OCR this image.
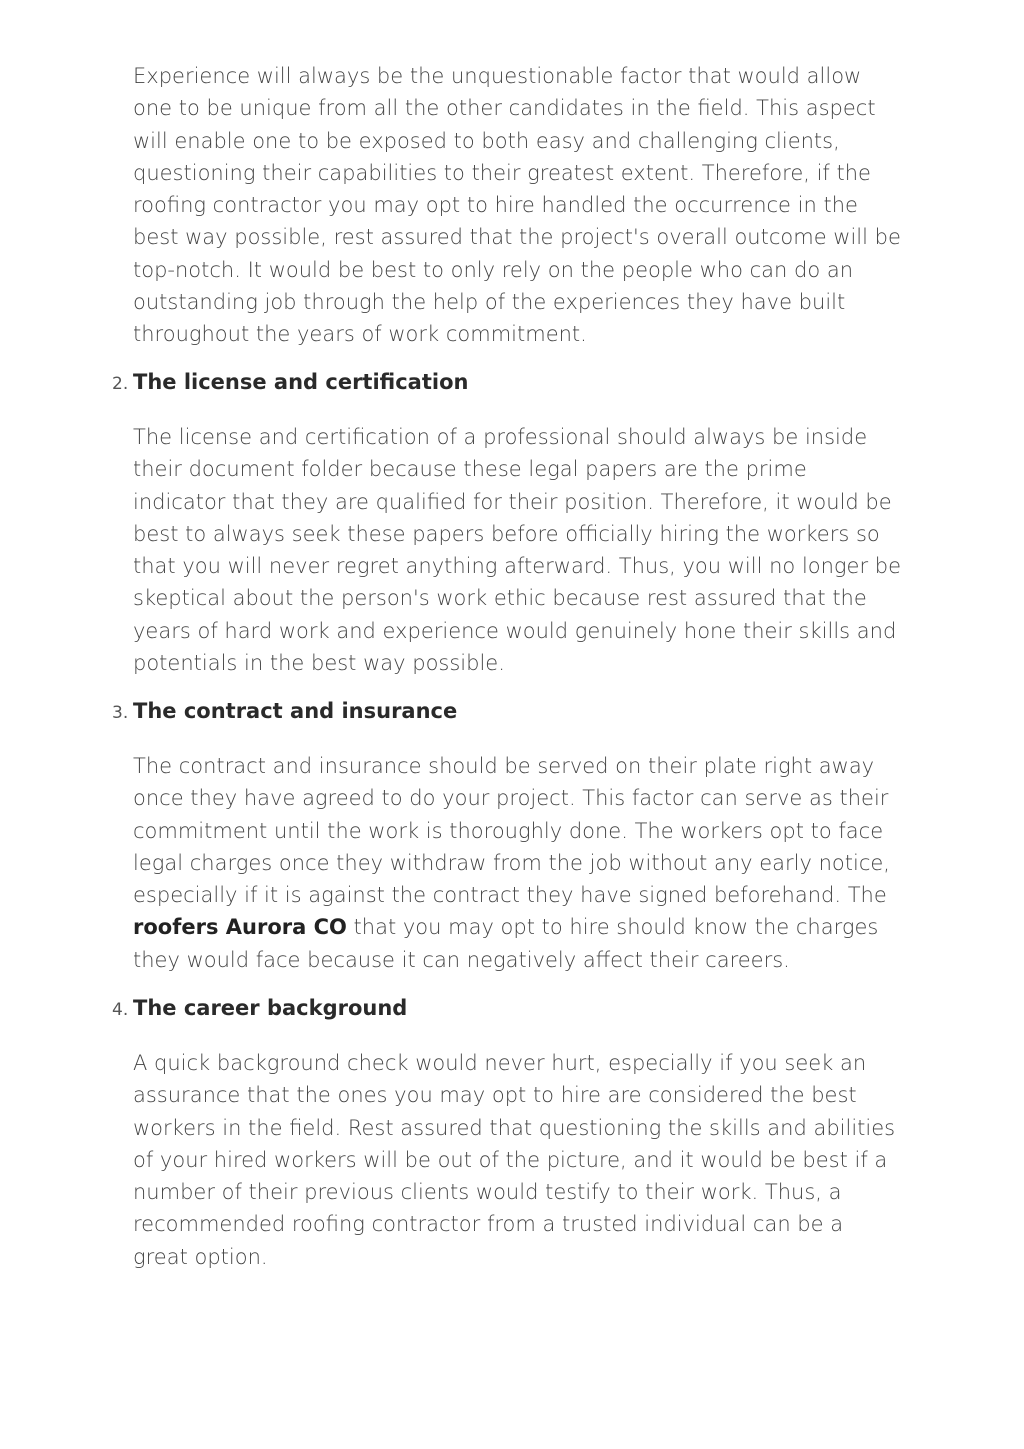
Experience will always be the unquestionable factor that would allow
one to be unique from all the other candidates in the field. This aspect
will enable one to be exposed to both easy and challenging clients,
questioning their capabilities to their greatest extent. Therefore, if the
roofing contractor you may opt to hire handled the occurrence in the
best way possible, rest assured that the project's overall outcome will be
top-notch. It would be best to only rely on the people who can do an
outstanding job through the help of the experiences they have built
throughout the years of work commitment.

2. The license and certification

The license and certification of a professional should always be inside
their document folder because these legal papers are the prime
indicator that they are qualified for their position. Therefore, it would be
best to always seek these papers before officially hiring the workers so
that you will never regret anything afterward. Thus, you will no longer be
skeptical about the person's work ethic because rest assured that the
years of hard work and experience would genuinely hone their skills and
potentials in the best way possible.

3. The contract and insurance

The contract and insurance should be served on their plate right away
once they have agreed to do your project. This factor can serve as their
commitment until the work is thoroughly done. The workers opt to face
legal charges once they withdraw from the job without any early notice,
especially if it is against the contract they have signed beforehand. The
roofers Aurora CO that you may opt to hire should know the charges
they would face because it can negatively affect their careers.

4. The career background

A quick background check would never hurt, especially if you seek an
assurance that the ones you may opt to hire are considered the best
workers in the field. Rest assured that questioning the skills and abilities
of your hired workers will be out of the picture, and it would be best if a
number of their previous clients would testify to their work. Thus, a
recommended roofing contractor from a trusted individual can be a
great option.
